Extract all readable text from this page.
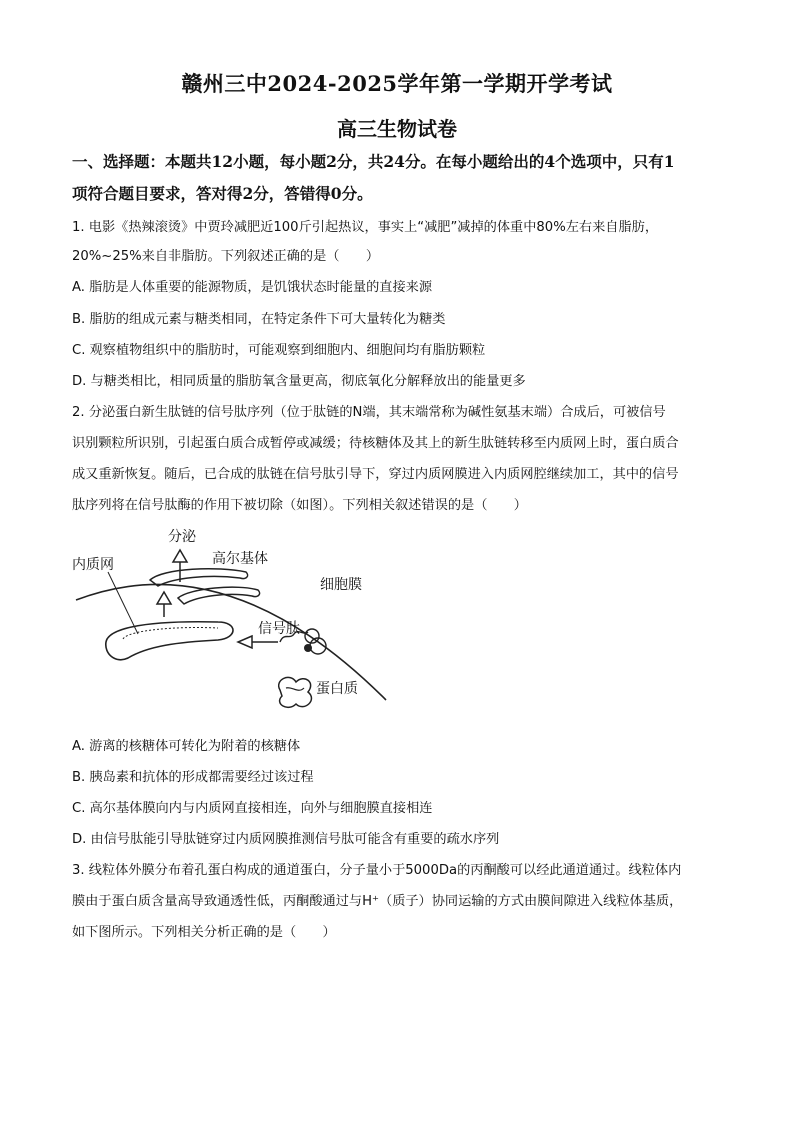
赣州三中2024-2025学年第一学期开学考试
高三生物试卷
一、选择题：本题共12小题，每小题2分，共24分。在每小题给出的4个选项中，只有1
项符合题目要求，答对得2分，答错得0分。
1. 电影《热辣滚烫》中贾玲减肥近100斤引起热议，事实上“减肥”减掉的体重中80%左右来自脂肪，
20%~25%来自非脂肪。下列叙述正确的是（　　）
A. 脂肪是人体重要的能源物质，是饥饿状态时能量的直接来源
B. 脂肪的组成元素与糖类相同，在特定条件下可大量转化为糖类
C. 观察植物组织中的脂肪时，可能观察到细胞内、细胞间均有脂肪颗粒
D. 与糖类相比，相同质量的脂肪氧含量更高，彻底氧化分解释放出的能量更多
2. 分泌蛋白新生肽链的信号肽序列（位于肽链的N端，其末端常称为碱性氨基末端）合成后，可被信号
识别颗粒所识别，引起蛋白质合成暂停或减缓；待核糖体及其上的新生肽链转移至内质网上时，蛋白质合
成又重新恢复。随后，已合成的肽链在信号肽引导下，穿过内质网膜进入内质网腔继续加工，其中的信号
肽序列将在信号肽酶的作用下被切除（如图）。下列相关叙述错误的是（　　）
分泌
高尔基体
内质网
细胞膜
信号肽
蛋白质
A. 游离的核糖体可转化为附着的核糖体
B. 胰岛素和抗体的形成都需要经过该过程
C. 高尔基体膜向内与内质网直接相连，向外与细胞膜直接相连
D. 由信号肽能引导肽链穿过内质网膜推测信号肽可能含有重要的疏水序列
3. 线粒体外膜分布着孔蛋白构成的通道蛋白，分子量小于5000Da的丙酮酸可以经此通道通过。线粒体内
膜由于蛋白质含量高导致通透性低，丙酮酸通过与H⁺（质子）协同运输的方式由膜间隙进入线粒体基质，
如下图所示。下列相关分析正确的是（　　）
